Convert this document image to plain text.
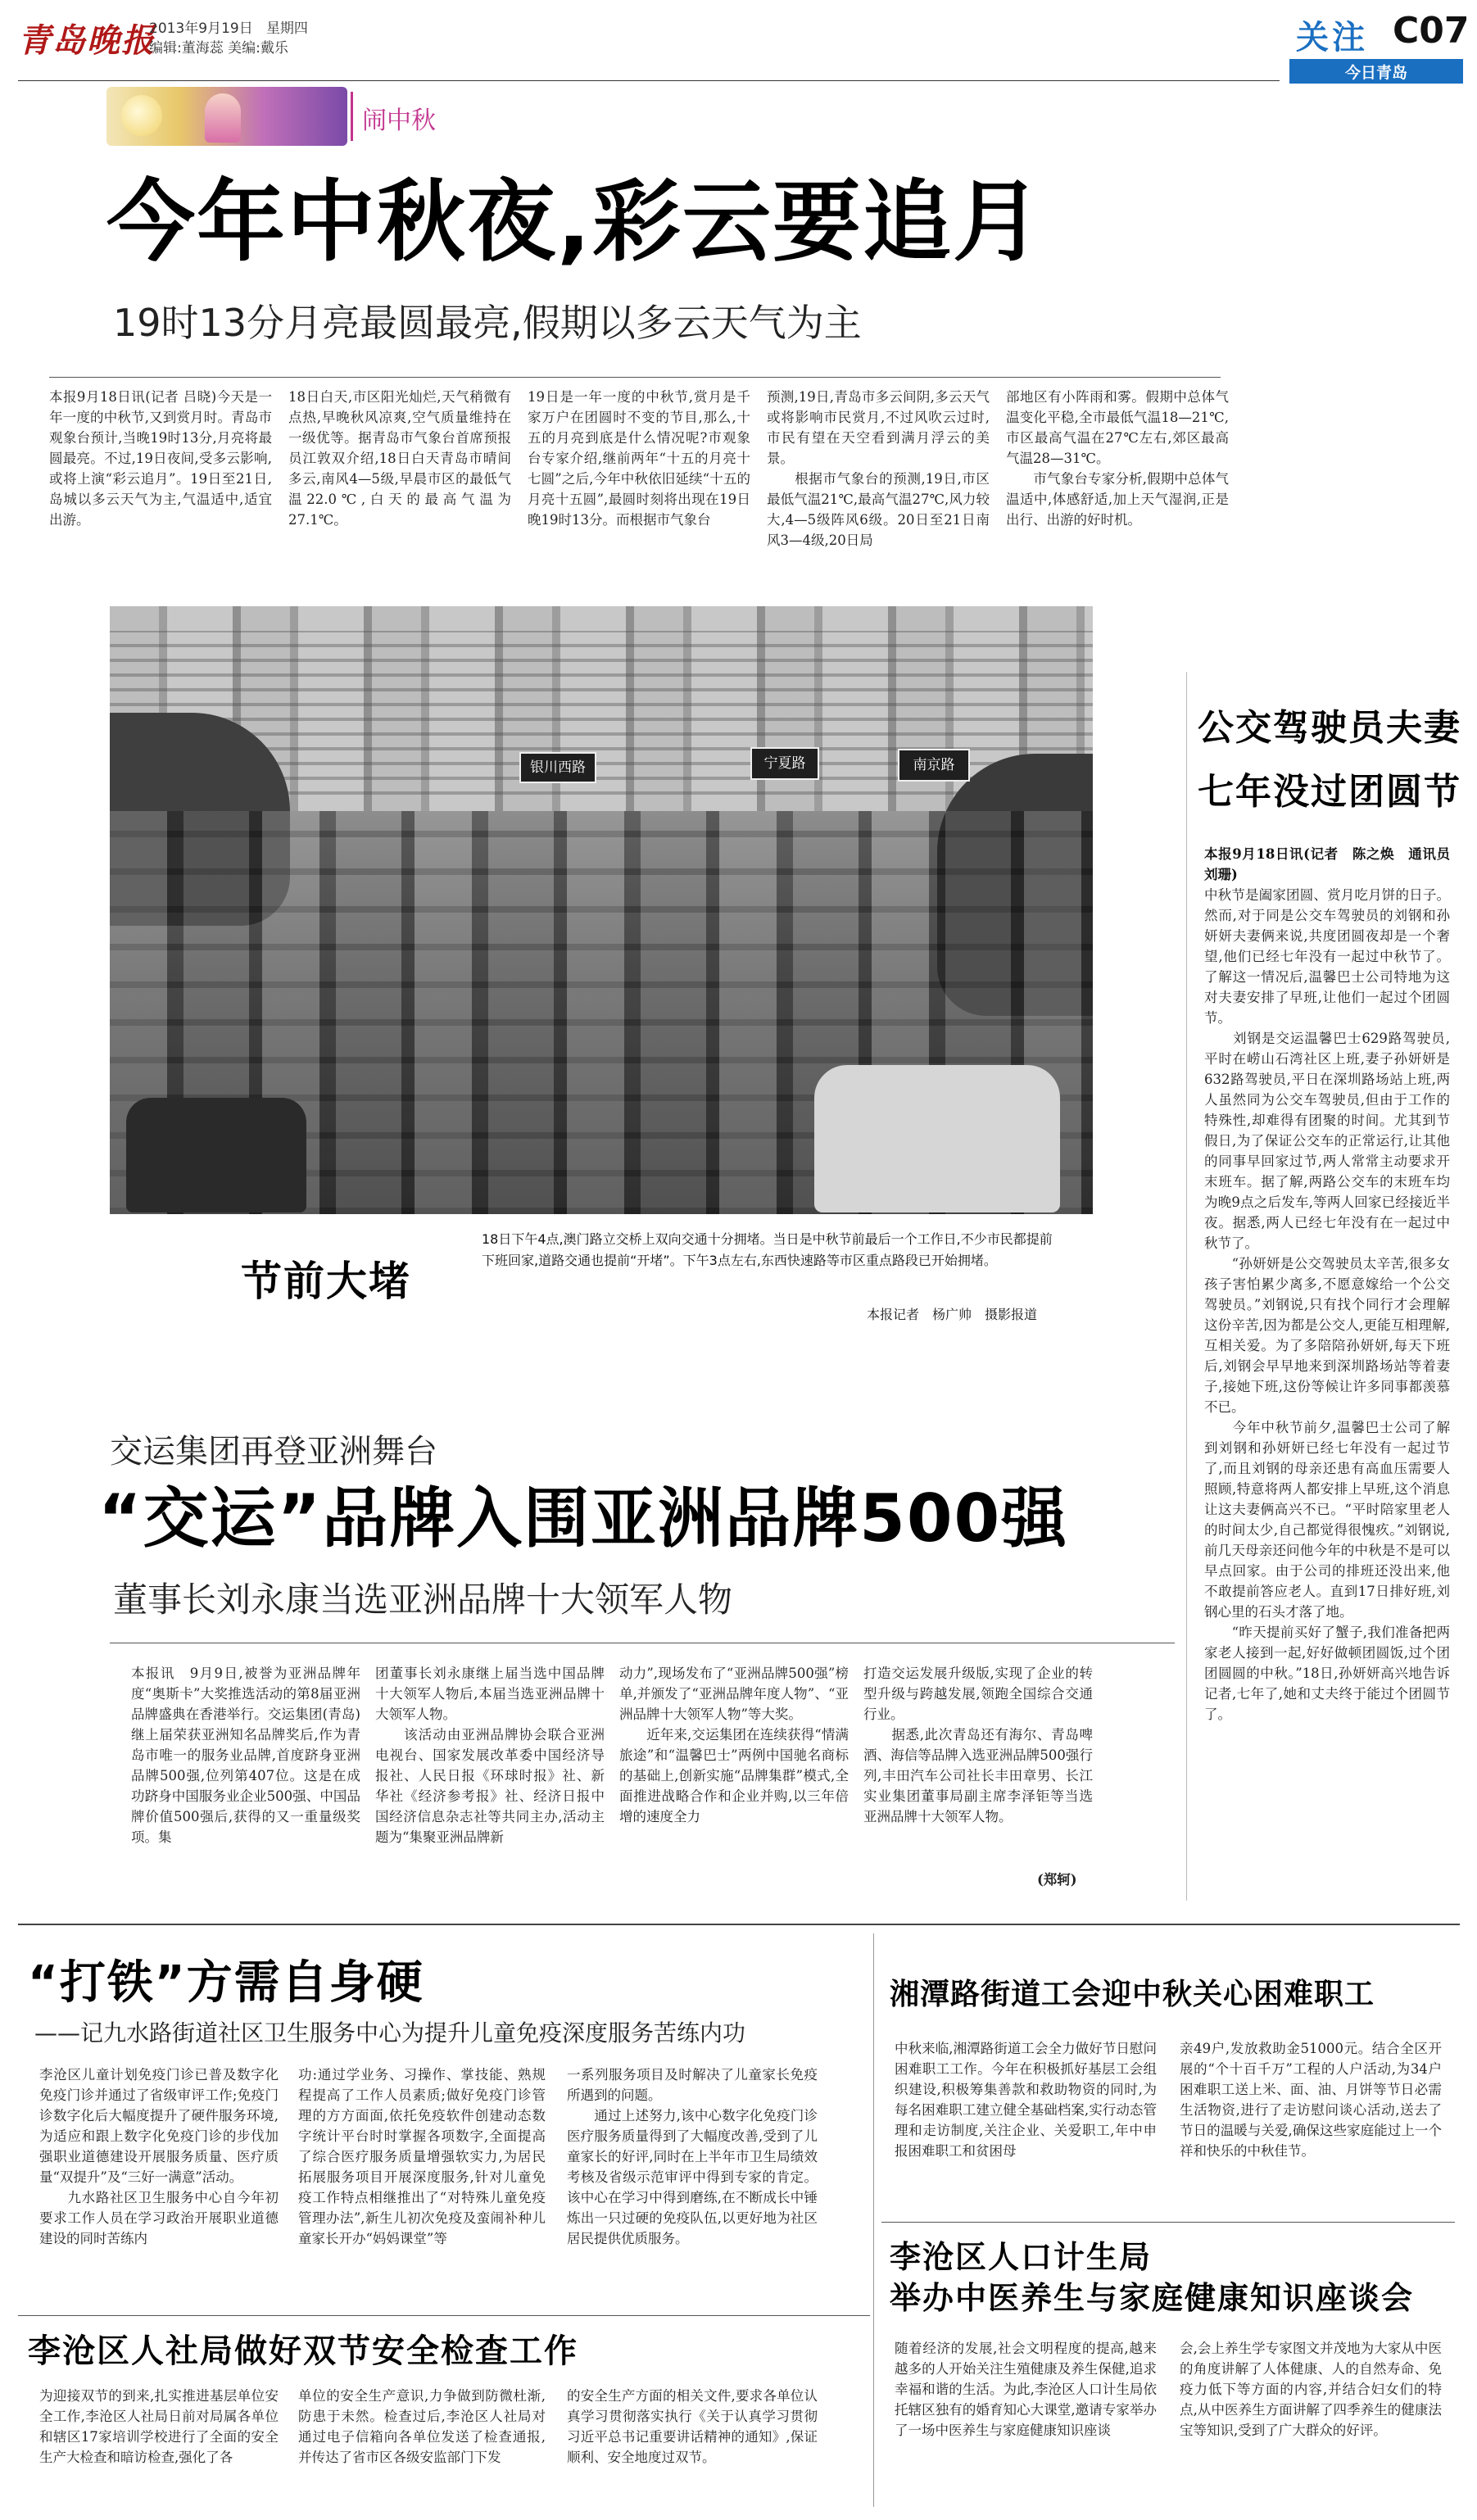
青岛晚报
2013年9月19日 星期四
编辑:董海蕊 美编:戴乐	关注 C07
今日青岛
闹中秋
今年中秋夜,彩云要追月
19时13分月亮最圆最亮,假期以多云天气为主
本报9月18日讯(记者 吕晓)今天是一年一度的中秋节,又到赏月时。青岛市观象台预计,当晚19时13分,月亮将最圆最亮。不过,19日夜间,受多云影响,或将上演“彩云追月”。19日至21日,岛城以多云天气为主,气温适中,适宜出游。
18日白天,市区阳光灿烂,天气稍微有点热,早晚秋风凉爽,空气质量维持在一级优等。据青岛市气象台首席预报员江敦双介绍,18日白天青岛市晴间多云,南风4—5级,早晨市区的最低气温22.0℃,白天的最高气温为27.1℃。
19日是一年一度的中秋节,赏月是千家万户在团圆时不变的节目,那么,十五的月亮到底是什么情况呢?市观象台专家介绍,继前两年“十五的月亮十七圆”之后,今年中秋依旧延续“十五的月亮十五圆”,最圆时刻将出现在19日晚19时13分。而根据市气象台
预测,19日,青岛市多云间阴,多云天气或将影响市民赏月,不过风吹云过时,市民有望在天空看到满月浮云的美景。
　　根据市气象台的预测,19日,市区最低气温21℃,最高气温27℃,风力较大,4—5级阵风6级。20日至21日南风3—4级,20日局
部地区有小阵雨和雾。假期中总体气温变化平稳,全市最低气温18—21℃,市区最高气温在27℃左右,郊区最高气温28—31℃。
　　市气象台专家分析,假期中总体气温适中,体感舒适,加上天气湿润,正是出行、出游的好时机。
银川西路	宁夏路	南京路
节前大堵
18日下午4点,澳门路立交桥上双向交通十分拥堵。当日是中秋节前最后一个工作日,不少市民都提前下班回家,道路交通也提前“开堵”。下午3点左右,东西快速路等市区重点路段已开始拥堵。
本报记者　杨广帅　摄影报道
公交驾驶员夫妻
七年没过团圆节
本报9月18日讯(记者　陈之焕　通讯员　刘珊)
中秋节是阖家团圆、赏月吃月饼的日子。然而,对于同是公交车驾驶员的刘钢和孙妍妍夫妻俩来说,共度团圆夜却是一个奢望,他们已经七年没有一起过中秋节了。了解这一情况后,温馨巴士公司特地为这对夫妻安排了早班,让他们一起过个团圆节。
　　刘钢是交运温馨巴士629路驾驶员,平时在崂山石湾社区上班,妻子孙妍妍是632路驾驶员,平日在深圳路场站上班,两人虽然同为公交车驾驶员,但由于工作的特殊性,却难得有团聚的时间。尤其到节假日,为了保证公交车的正常运行,让其他的同事早回家过节,两人常常主动要求开末班车。据了解,两路公交车的末班车均为晚9点之后发车,等两人回家已经接近半夜。据悉,两人已经七年没有在一起过中秋节了。
　　“孙妍妍是公交驾驶员太辛苦,很多女孩子害怕累少离多,不愿意嫁给一个公交驾驶员。”刘钢说,只有找个同行才会理解这份辛苦,因为都是公交人,更能互相理解,互相关爱。为了多陪陪孙妍妍,每天下班后,刘钢会早早地来到深圳路场站等着妻子,接她下班,这份等候让许多同事都羡慕不已。
　　今年中秋节前夕,温馨巴士公司了解到刘钢和孙妍妍已经七年没有一起过节了,而且刘钢的母亲还患有高血压需要人照顾,特意将两人都安排上早班,这个消息让这夫妻俩高兴不已。“平时陪家里老人的时间太少,自己都觉得很愧疚。”刘钢说,前几天母亲还问他今年的中秋是不是可以早点回家。由于公司的排班还没出来,他不敢提前答应老人。直到17日排好班,刘钢心里的石头才落了地。
　　“昨天提前买好了蟹子,我们准备把两家老人接到一起,好好做顿团圆饭,过个团团圆圆的中秋。”18日,孙妍妍高兴地告诉记者,七年了,她和丈夫终于能过个团圆节了。
交运集团再登亚洲舞台
“交运”品牌入围亚洲品牌500强
董事长刘永康当选亚洲品牌十大领军人物
本报讯　9月9日,被誉为亚洲品牌年度“奥斯卡”大奖推选活动的第8届亚洲品牌盛典在香港举行。交运集团(青岛)继上届荣获亚洲知名品牌奖后,作为青岛市唯一的服务业品牌,首度跻身亚洲品牌500强,位列第407位。这是在成功跻身中国服务业企业500强、中国品牌价值500强后,获得的又一重量级奖项。集
团董事长刘永康继上届当选中国品牌十大领军人物后,本届当选亚洲品牌十大领军人物。
　　该活动由亚洲品牌协会联合亚洲电视台、国家发展改革委中国经济导报社、人民日报《环球时报》社、新华社《经济参考报》社、经济日报中国经济信息杂志社等共同主办,活动主题为“集聚亚洲品牌新
动力”,现场发布了“亚洲品牌500强”榜单,并颁发了“亚洲品牌年度人物”、“亚洲品牌十大领军人物”等大奖。
　　近年来,交运集团在连续获得“情满旅途”和“温馨巴士”两例中国驰名商标的基础上,创新实施“品牌集群”模式,全面推进战略合作和企业并购,以三年倍增的速度全力
打造交运发展升级版,实现了企业的转型升级与跨越发展,领跑全国综合交通行业。
　　据悉,此次青岛还有海尔、青岛啤酒、海信等品牌入选亚洲品牌500强行列,丰田汽车公司社长丰田章男、长江实业集团董事局副主席李泽钜等当选亚洲品牌十大领军人物。
(郑轲)
“打铁”方需自身硬
——记九水路街道社区卫生服务中心为提升儿童免疫深度服务苦练内功
李沧区儿童计划免疫门诊已普及数字化免疫门诊并通过了省级审评工作;免疫门诊数字化后大幅度提升了硬件服务环境,为适应和跟上数字化免疫门诊的步伐加强职业道德建设开展服务质量、医疗质量“双提升”及“三好一满意”活动。
　　九水路社区卫生服务中心自今年初要求工作人员在学习政治开展职业道德建设的同时苦练内
功:通过学业务、习操作、掌技能、熟规程提高了工作人员素质;做好免疫门诊管理的方方面面,依托免疫软件创建动态数字统计平台时时掌握各项数字,全面提高了综合医疗服务质量增强软实力,为居民拓展服务项目开展深度服务,针对儿童免疫工作特点相继推出了“对特殊儿童免疫管理办法”,新生儿初次免疫及蛮闹补种儿童家长开办“妈妈课堂”等
一系列服务项目及时解决了儿童家长免疫所遇到的问题。
　　通过上述努力,该中心数字化免疫门诊医疗服务质量得到了大幅度改善,受到了儿童家长的好评,同时在上半年市卫生局绩效考核及省级示范审评中得到专家的肯定。该中心在学习中得到磨练,在不断成长中锤炼出一只过硬的免疫队伍,以更好地为社区居民提供优质服务。
李沧区人社局做好双节安全检查工作
为迎接双节的到来,扎实推进基层单位安全工作,李沧区人社局日前对局属各单位和辖区17家培训学校进行了全面的安全生产大检查和暗访检查,强化了各
单位的安全生产意识,力争做到防微杜渐,防患于未然。检查过后,李沧区人社局对通过电子信箱向各单位发送了检查通报,并传达了省市区各级安监部门下发
的安全生产方面的相关文件,要求各单位认真学习贯彻落实执行《关于认真学习贯彻习近平总书记重要讲话精神的通知》,保证顺利、安全地度过双节。
湘潭路街道工会迎中秋关心困难职工
中秋来临,湘潭路街道工会全力做好节日慰问困难职工工作。今年在积极抓好基层工会组织建设,积极筹集善款和救助物资的同时,为每名困难职工建立健全基础档案,实行动态管理和走访制度,关注企业、关爱职工,年中申报困难职工和贫困母
亲49户,发放救助金51000元。结合全区开展的“个十百千万”工程的人户活动,为34户困难职工送上米、面、油、月饼等节日必需生活物资,进行了走访慰问谈心活动,送去了节日的温暖与关爱,确保这些家庭能过上一个祥和快乐的中秋佳节。
李沧区人口计生局
举办中医养生与家庭健康知识座谈会
随着经济的发展,社会文明程度的提高,越来越多的人开始关注生殖健康及养生保健,追求幸福和谐的生活。为此,李沧区人口计生局依托辖区独有的婚育知心大课堂,邀请专家举办了一场中医养生与家庭健康知识座谈
会,会上养生学专家图文并茂地为大家从中医的角度讲解了人体健康、人的自然寿命、免疫力低下等方面的内容,并结合妇女们的特点,从中医养生方面讲解了四季养生的健康法宝等知识,受到了广大群众的好评。
